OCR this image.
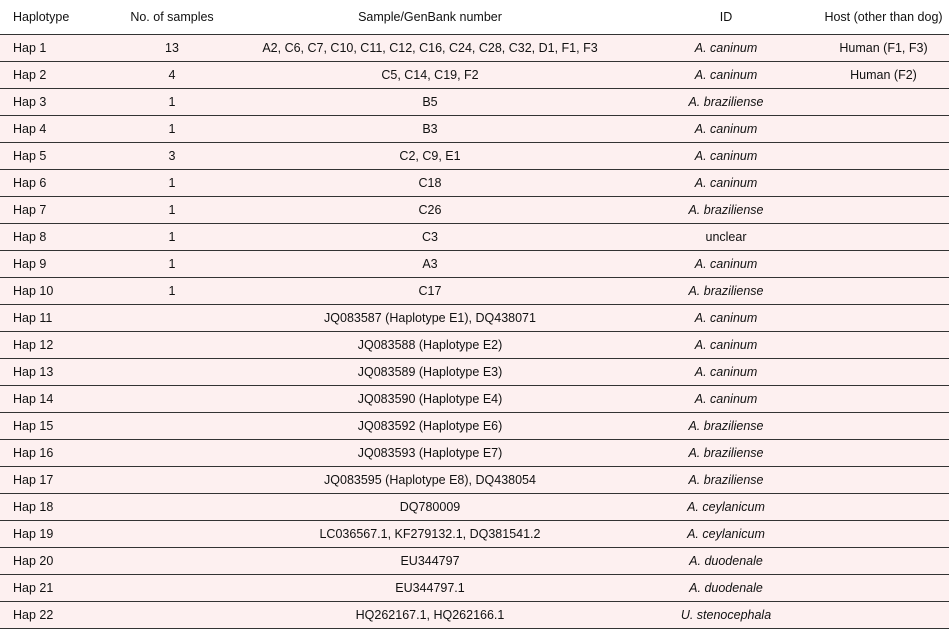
Haplotype	No. of samples	Sample/GenBank number	ID	Host (other than dog)
Hap 1	13	A2, C6, C7, C10, C11, C12, C16, C24, C28, C32, D1, F1, F3	A. caninum	Human (F1, F3)
Hap 2	4	C5, C14, C19, F2	A. caninum	Human (F2)
Hap 3	1	B5	A. braziliense	
Hap 4	1	B3	A. caninum	
Hap 5	3	C2, C9, E1	A. caninum	
Hap 6	1	C18	A. caninum	
Hap 7	1	C26	A. braziliense	
Hap 8	1	C3	unclear	
Hap 9	1	A3	A. caninum	
Hap 10	1	C17	A. braziliense	
Hap 11		JQ083587 (Haplotype E1), DQ438071	A. caninum	
Hap 12		JQ083588 (Haplotype E2)	A. caninum	
Hap 13		JQ083589 (Haplotype E3)	A. caninum	
Hap 14		JQ083590 (Haplotype E4)	A. caninum	
Hap 15		JQ083592 (Haplotype E6)	A. braziliense	
Hap 16		JQ083593 (Haplotype E7)	A. braziliense	
Hap 17		JQ083595 (Haplotype E8), DQ438054	A. braziliense	
Hap 18		DQ780009	A. ceylanicum	
Hap 19		LC036567.1, KF279132.1, DQ381541.2	A. ceylanicum	
Hap 20		EU344797	A. duodenale	
Hap 21		EU344797.1	A. duodenale	
Hap 22		HQ262167.1, HQ262166.1	U. stenocephala	
